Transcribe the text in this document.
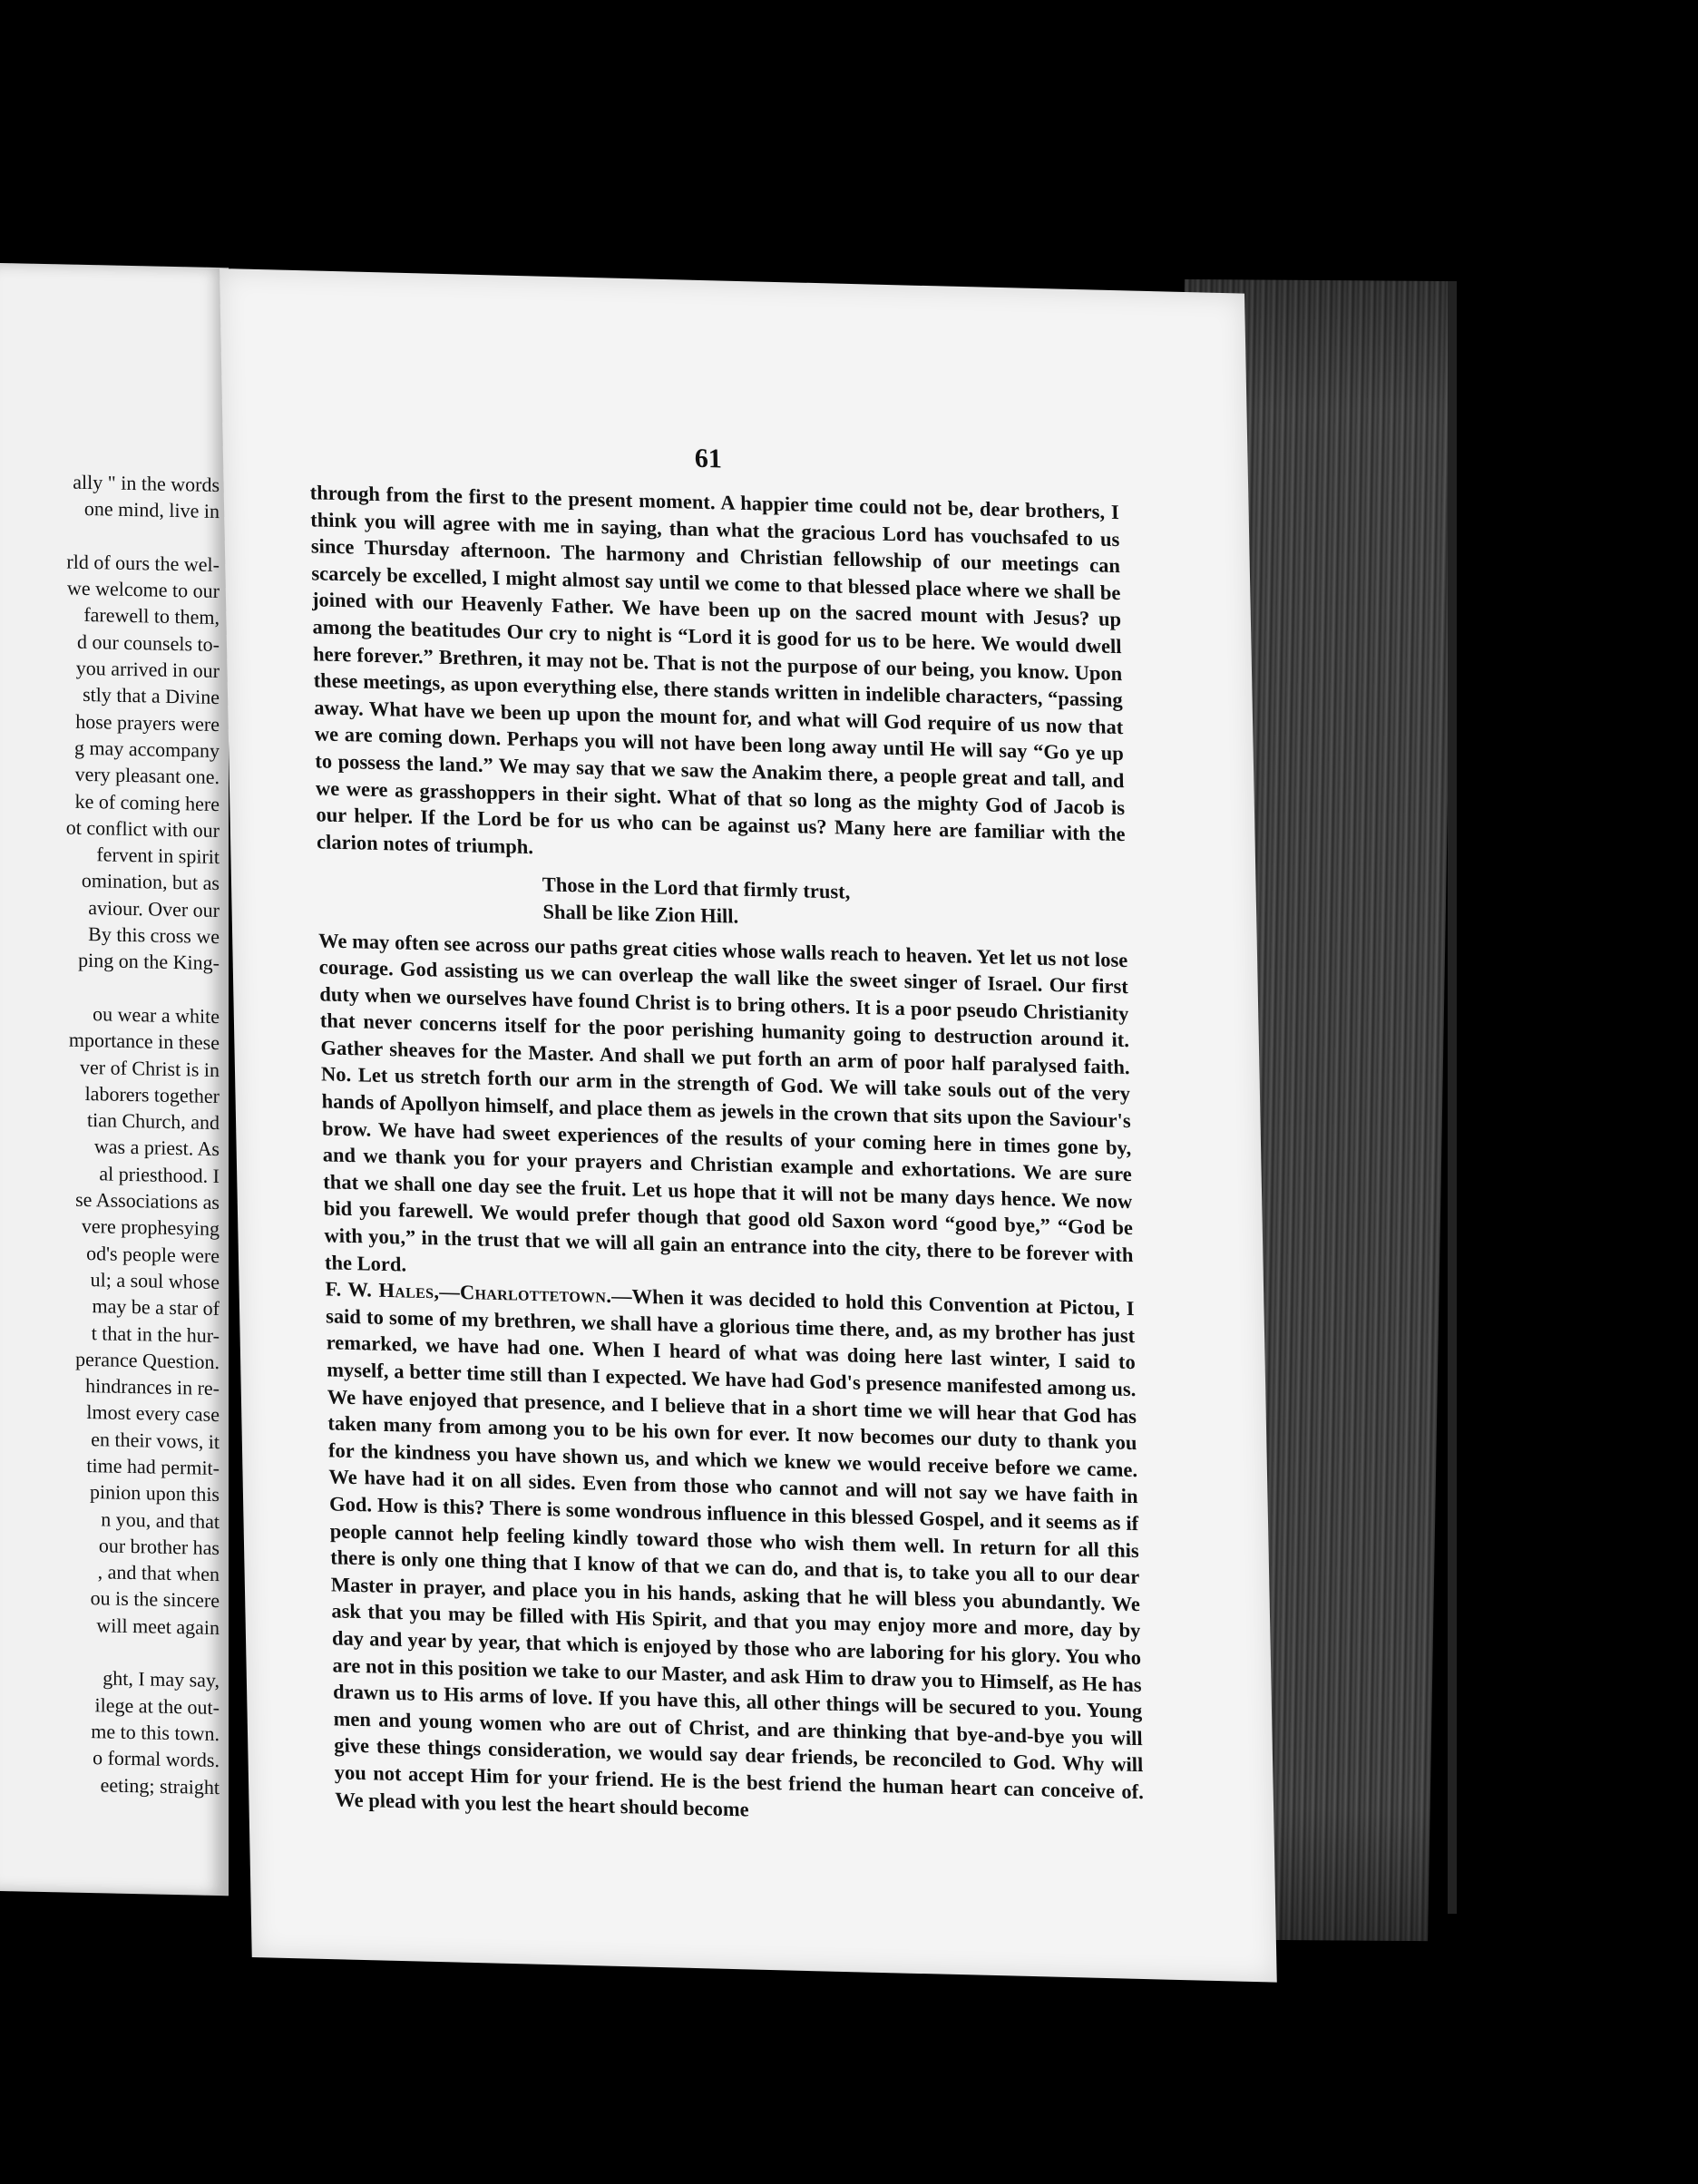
ally " in the words
one mind, live in

rld of ours the wel-
we welcome to our
farewell to them,
d our counsels to-
you arrived in our
stly that a Divine
hose prayers were
g may accompany
very pleasant one.
ke of coming here
ot conflict with our
fervent in spirit
omination, but as
aviour. Over our
By this cross we
ping on the King-

ou wear a white
mportance in these
ver of Christ is in
laborers together
tian Church, and
was a priest. As
al priesthood. I
se Associations as
vere prophesying
od's people were
ul; a soul whose
may be a star of
t that in the hur-
perance Question.
hindrances in re-
lmost every case
en their vows, it
time had permit-
pinion upon this
n you, and that
our brother has
, and that when
ou is the sincere
will meet again

ght, I may say,
ilege at the out-
me to this town.
o formal words.
eeting; straight
61

through from the first to the present moment. A happier time could not be, dear brothers, I think you will agree with me in saying, than what the gracious Lord has vouchsafed to us since Thursday afternoon. The harmony and Christian fellowship of our meetings can scarcely be excelled, I might almost say until we come to that blessed place where we shall be joined with our Heavenly Father. We have been up on the sacred mount with Jesus? up among the beatitudes Our cry to night is “Lord it is good for us to be here. We would dwell here forever.” Brethren, it may not be. That is not the purpose of our being, you know. Upon these meetings, as upon everything else, there stands written in indelible characters, “passing away. What have we been up upon the mount for, and what will God require of us now that we are coming down. Perhaps you will not have been long away until He will say “Go ye up to possess the land.” We may say that we saw the Anakim there, a people great and tall, and we were as grasshoppers in their sight. What of that so long as the mighty God of Jacob is our helper. If the Lord be for us who can be against us? Many here are familiar with the clarion notes of triumph.

Those in the Lord that firmly trust,
Shall be like Zion Hill.

We may often see across our paths great cities whose walls reach to heaven. Yet let us not lose courage. God assisting us we can overleap the wall like the sweet singer of Israel. Our first duty when we ourselves have found Christ is to bring others. It is a poor pseudo Christianity that never concerns itself for the poor perishing humanity going to destruction around it. Gather sheaves for the Master. And shall we put forth an arm of poor half paralysed faith. No. Let us stretch forth our arm in the strength of God. We will take souls out of the very hands of Apollyon himself, and place them as jewels in the crown that sits upon the Saviour's brow. We have had sweet experiences of the results of your coming here in times gone by, and we thank you for your prayers and Christian example and exhortations. We are sure that we shall one day see the fruit. Let us hope that it will not be many days hence. We now bid you farewell. We would prefer though that good old Saxon word “good bye,” “God be with you,” in the trust that we will all gain an entrance into the city, there to be forever with the Lord.

F. W. Hales,—Charlottetown.—When it was decided to hold this Convention at Pictou, I said to some of my brethren, we shall have a glorious time there, and, as my brother has just remarked, we have had one. When I heard of what was doing here last winter, I said to myself, a better time still than I expected. We have had God's presence manifested among us. We have enjoyed that presence, and I believe that in a short time we will hear that God has taken many from among you to be his own for ever. It now becomes our duty to thank you for the kindness you have shown us, and which we knew we would receive before we came. We have had it on all sides. Even from those who cannot and will not say we have faith in God. How is this? There is some wondrous influence in this blessed Gospel, and it seems as if people cannot help feeling kindly toward those who wish them well. In return for all this there is only one thing that I know of that we can do, and that is, to take you all to our dear Master in prayer, and place you in his hands, asking that he will bless you abundantly. We ask that you may be filled with His Spirit, and that you may enjoy more and more, day by day and year by year, that which is enjoyed by those who are laboring for his glory. You who are not in this position we take to our Master, and ask Him to draw you to Himself, as He has drawn us to His arms of love. If you have this, all other things will be secured to you. Young men and young women who are out of Christ, and are thinking that bye-and-bye you will give these things consideration, we would say dear friends, be reconciled to God. Why will you not accept Him for your friend. He is the best friend the human heart can conceive of. We plead with you lest the heart should become
